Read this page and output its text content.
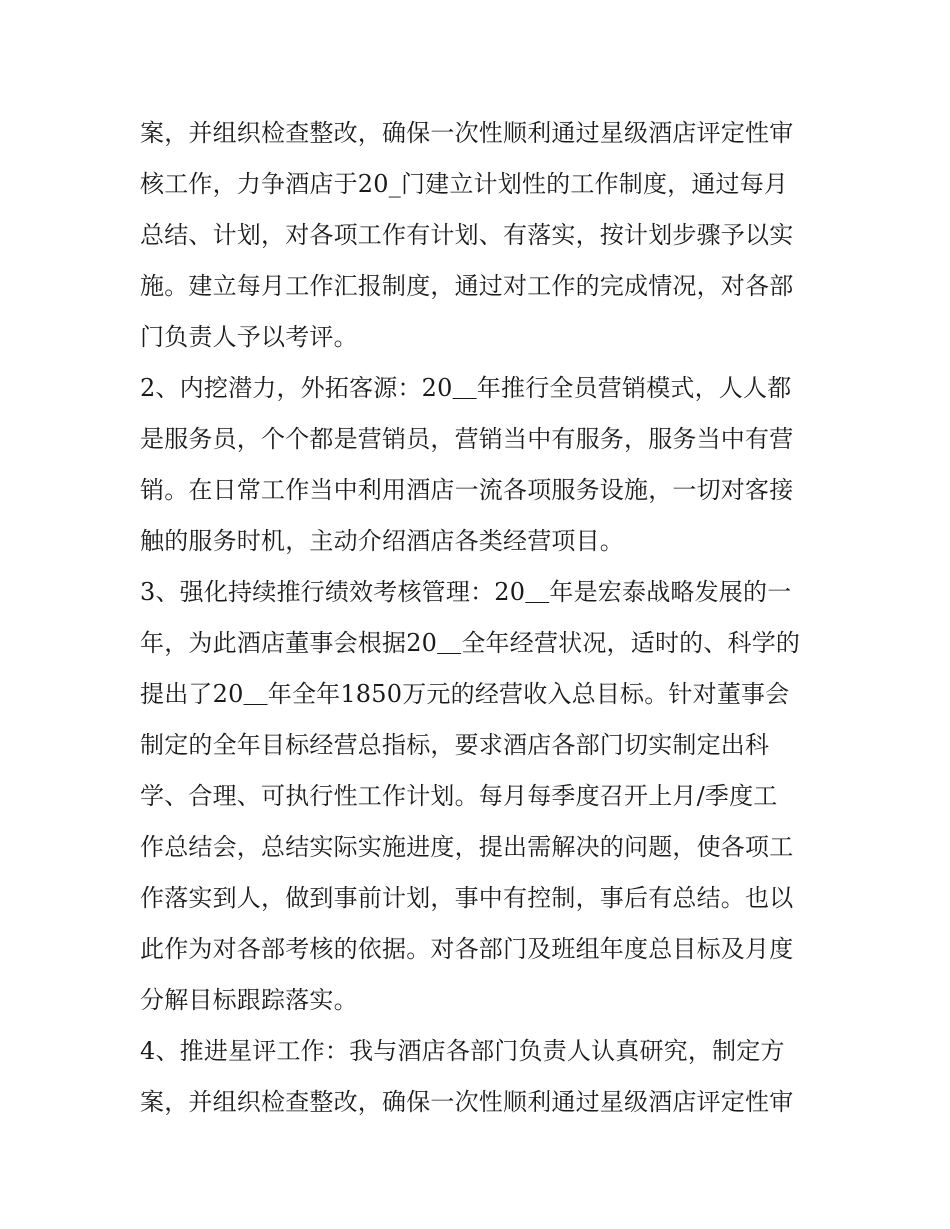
案，并组织检查整改，确保一次性顺利通过星级酒店评定性审
核工作，力争酒店于20_门建立计划性的工作制度，通过每月
总结、计划，对各项工作有计划、有落实，按计划步骤予以实
施。建立每月工作汇报制度，通过对工作的完成情况，对各部
门负责人予以考评。
2、内挖潜力，外拓客源：20＿年推行全员营销模式，人人都
是服务员，个个都是营销员，营销当中有服务，服务当中有营
销。在日常工作当中利用酒店一流各项服务设施，一切对客接
触的服务时机，主动介绍酒店各类经营项目。
3、强化持续推行绩效考核管理：20＿年是宏泰战略发展的一
年，为此酒店董事会根据20＿全年经营状况，适时的、科学的
提出了20＿年全年1850万元的经营收入总目标。针对董事会
制定的全年目标经营总指标，要求酒店各部门切实制定出科
学、合理、可执行性工作计划。每月每季度召开上月/季度工
作总结会，总结实际实施进度，提出需解决的问题，使各项工
作落实到人，做到事前计划，事中有控制，事后有总结。也以
此作为对各部考核的依据。对各部门及班组年度总目标及月度
分解目标跟踪落实。
4、推进星评工作：我与酒店各部门负责人认真研究，制定方
案，并组织检查整改，确保一次性顺利通过星级酒店评定性审
